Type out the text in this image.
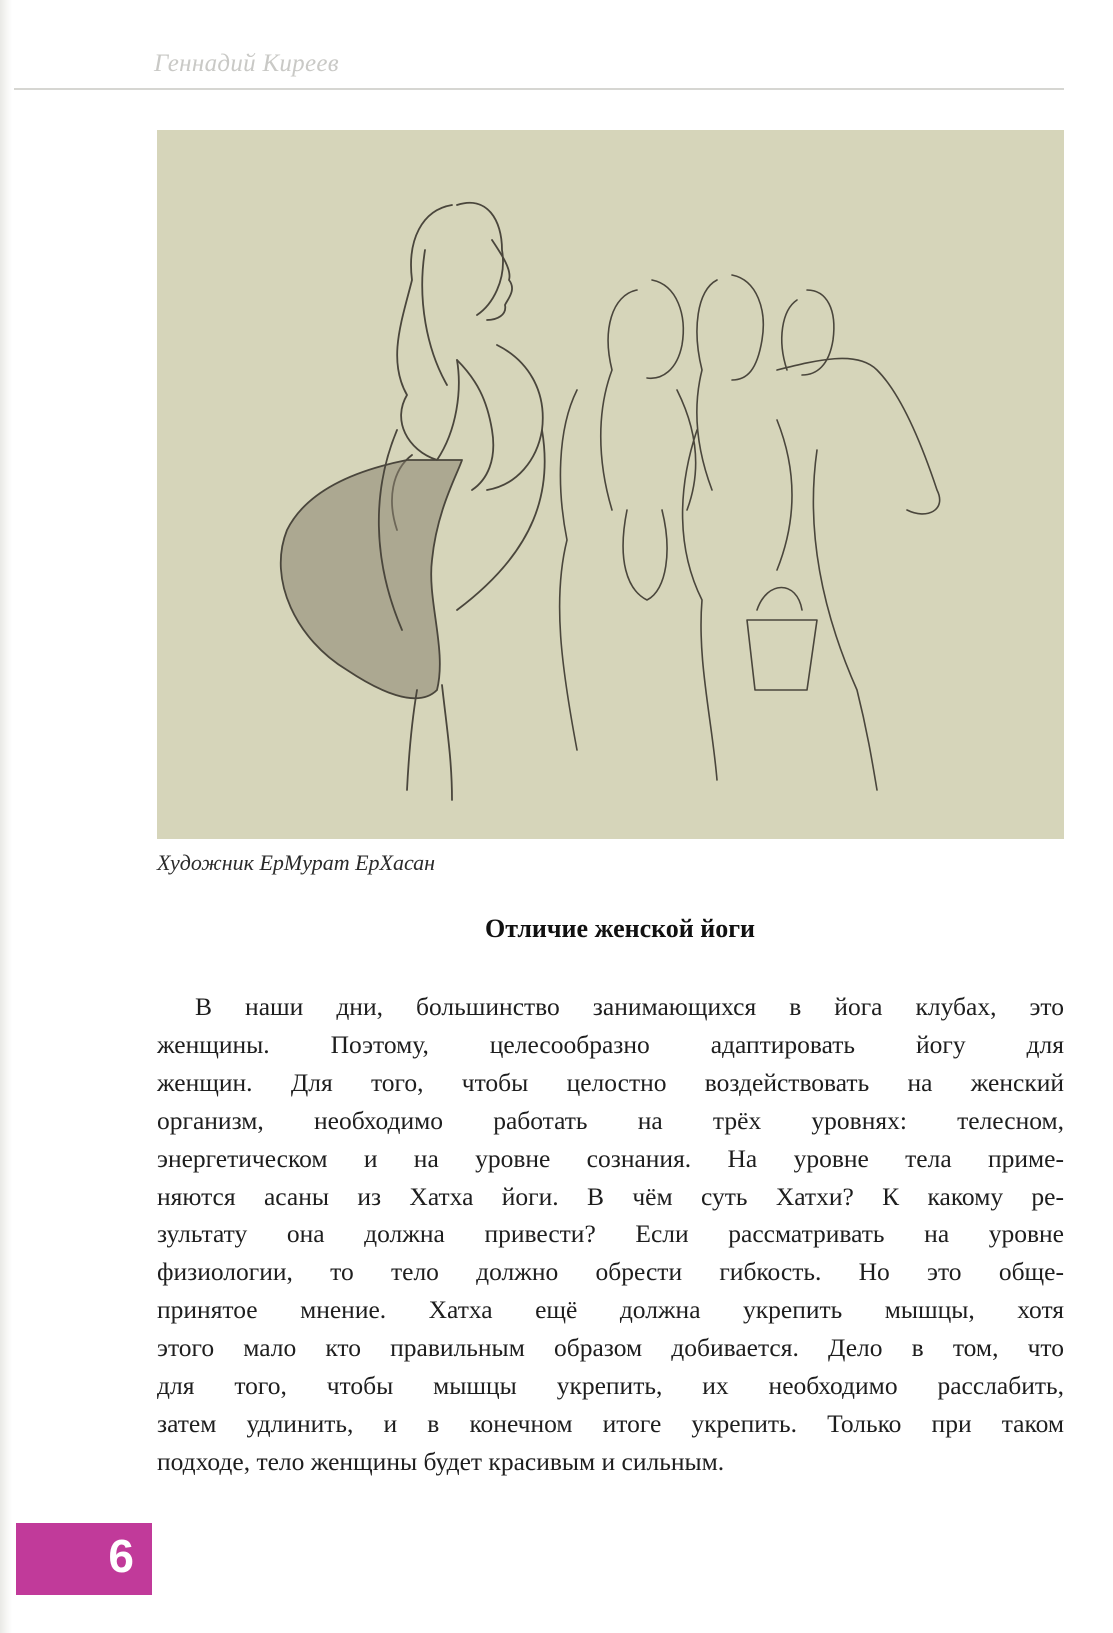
Геннадий Киреев
Художник ЕрМурат ЕрХасан
Отличие женской йоги
В наши дни, большинство занимающихся в йога клубах, это
женщины. Поэтому, целесообразно адаптировать йогу для
женщин. Для того, чтобы целостно воздействовать на женский
организм, необходимо работать на трёх уровнях: телесном,
энергетическом и на уровне сознания. На уровне тела приме-
няются асаны из Хатха йоги. В чём суть Хатхи? К какому ре-
зультату она должна привести? Если рассматривать на уровне
физиологии, то тело должно обрести гибкость. Но это обще-
принятое мнение. Хатха ещё должна укрепить мышцы, хотя
этого мало кто правильным образом добивается. Дело в том, что
для того, чтобы мышцы укрепить, их необходимо расслабить,
затем удлинить, и в конечном итоге укрепить. Только при таком
подходе, тело женщины будет красивым и сильным.
6
